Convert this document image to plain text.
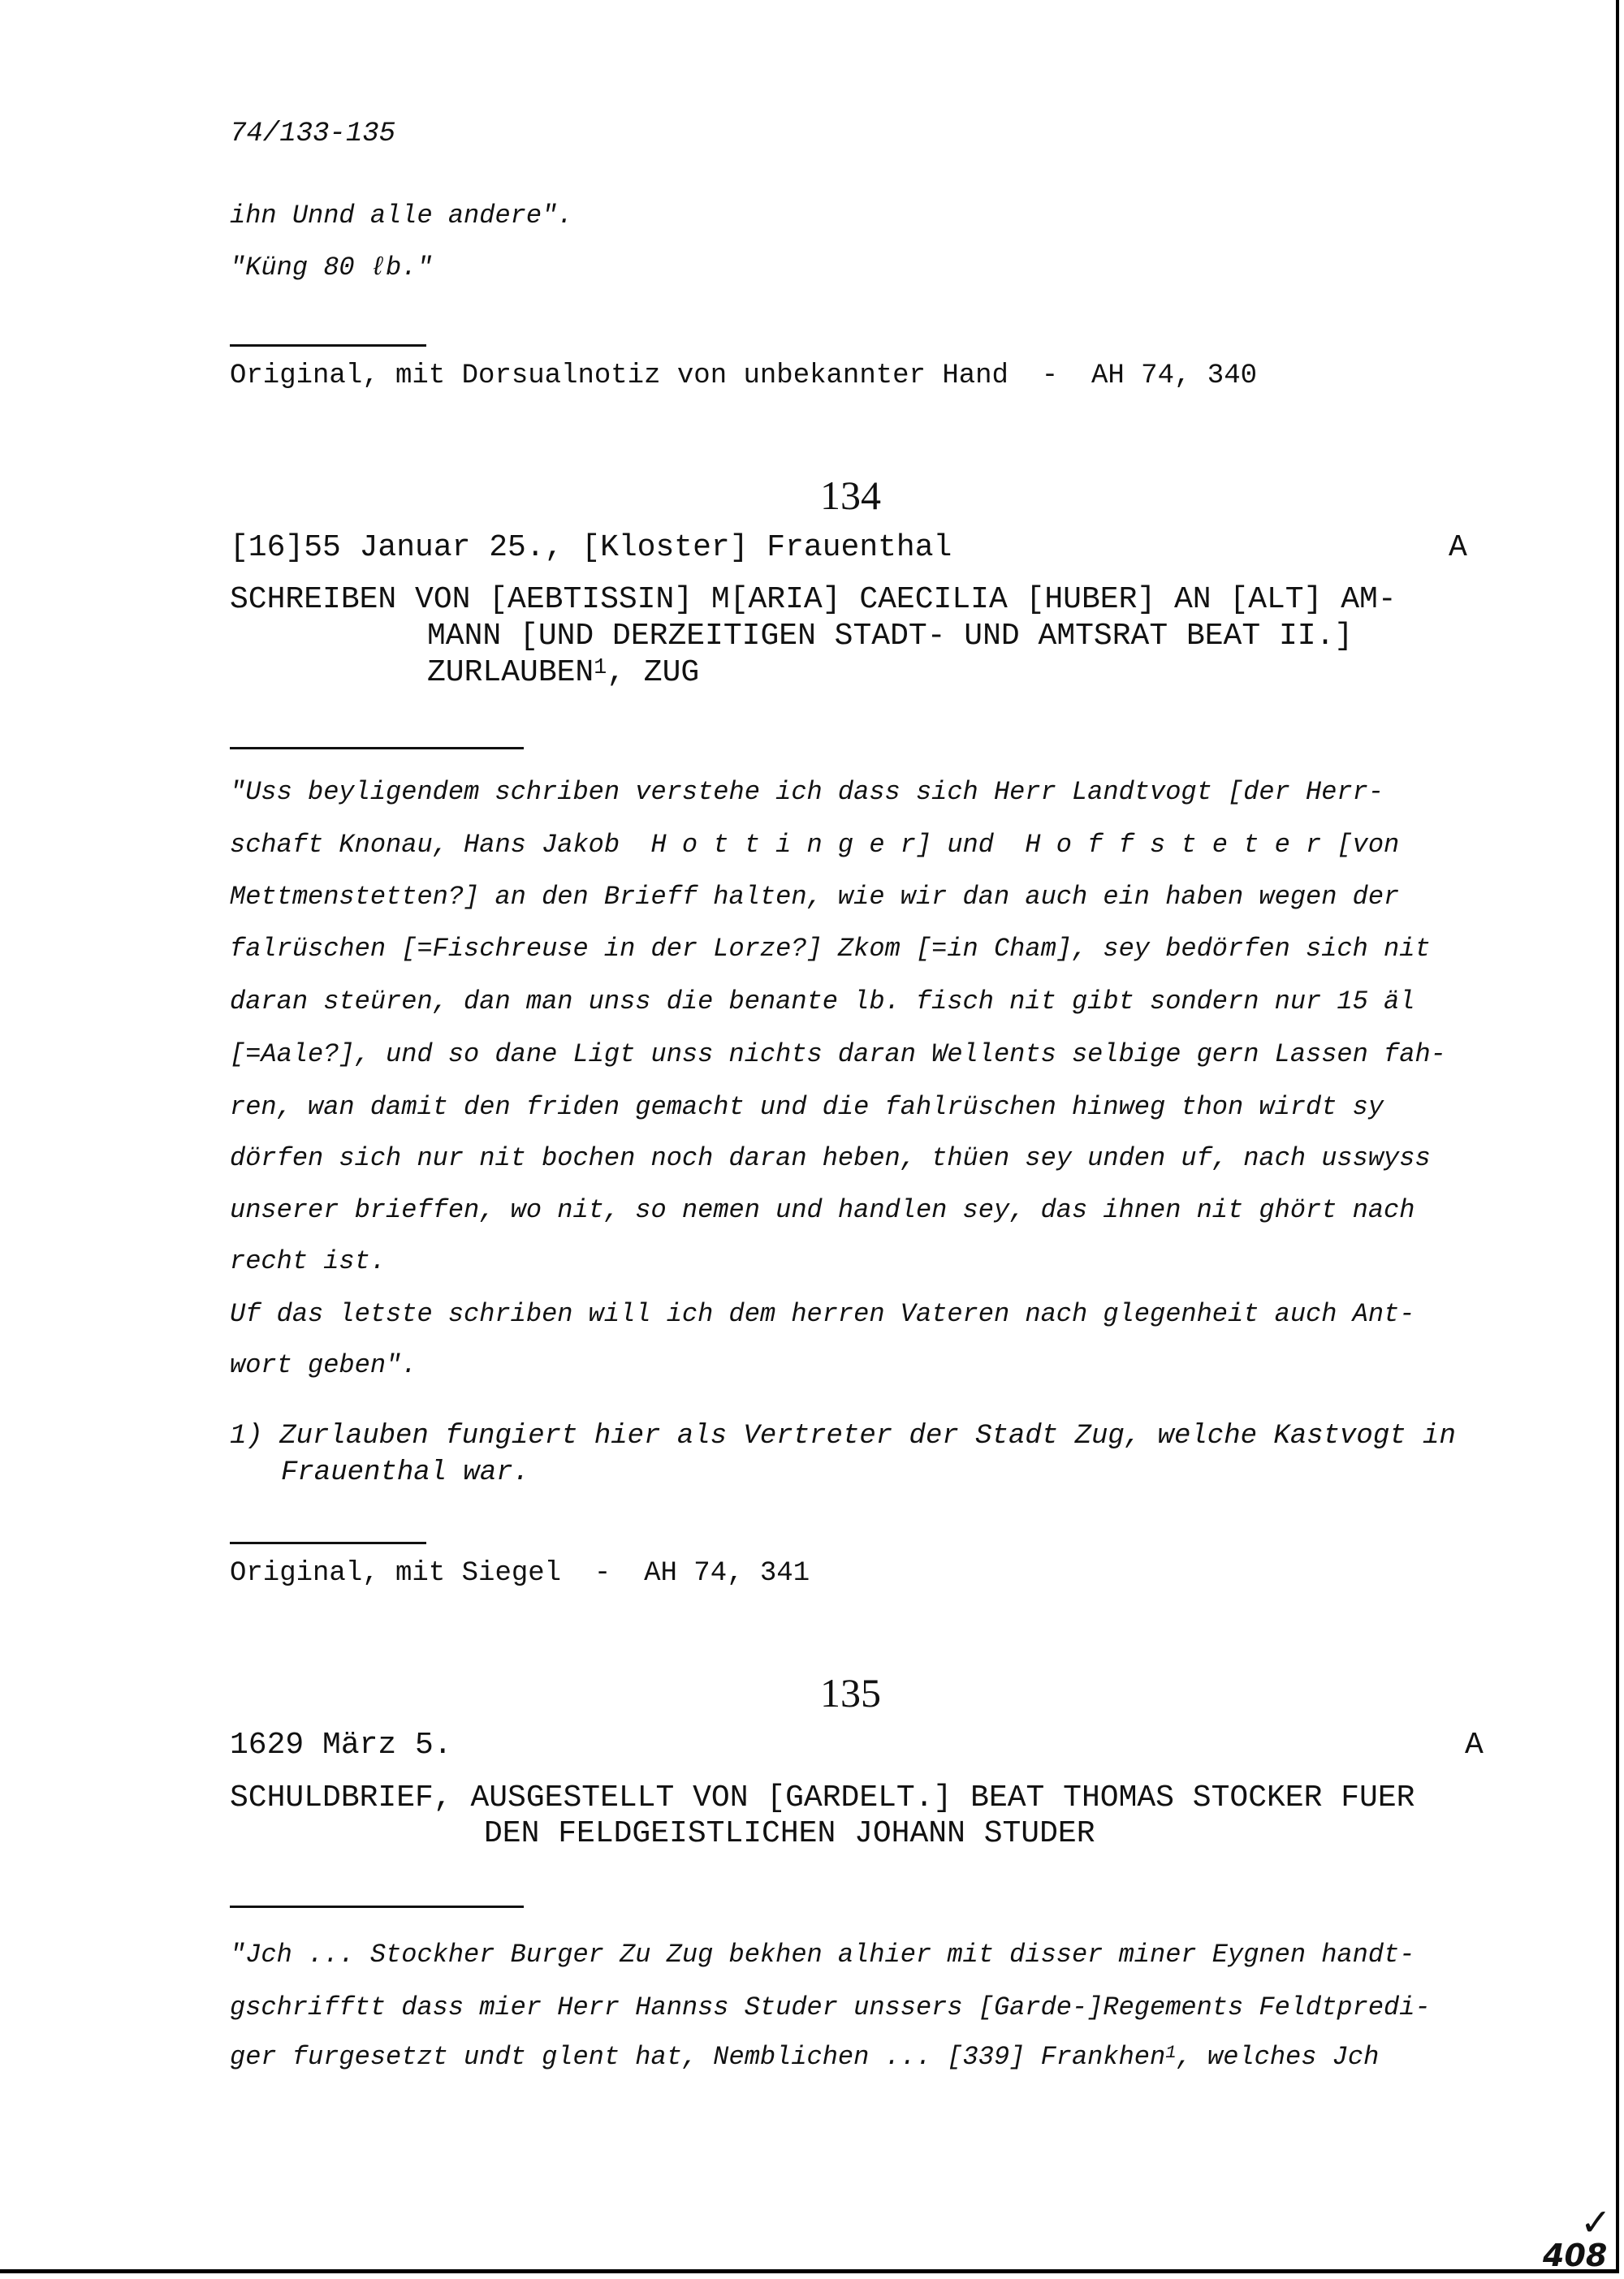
74/133-135
ihn Unnd alle andere".
"Küng 80 ℓb."
Original, mit Dorsualnotiz von unbekannter Hand  -  AH 74, 340
134
[16]55 Januar 25., [Kloster] Frauenthal	A
SCHREIBEN VON [AEBTISSIN] M[ARIA] CAECILIA [HUBER] AN [ALT] AM-
MANN [UND DERZEITIGEN STADT- UND AMTSRAT BEAT II.]
ZURLAUBEN$^1$, ZUG
"Uss beyligendem schriben verstehe ich dass sich Herr Landtvogt [der Herr-
schaft Knonau, Hans Jakob  H o t t i n g e r] und  H o f f s t e t e r [von
Mettmenstetten?] an den Brieff halten, wie wir dan auch ein haben wegen der
falrüschen [=Fischreuse in der Lorze?] Zkom [=in Cham], sey bedörfen sich nit
daran steüren, dan man unss die benante lb. fisch nit gibt sondern nur 15 äl
[=Aale?], und so dane Ligt unss nichts daran Wellents selbige gern Lassen fah-
ren, wan damit den friden gemacht und die fahlrüschen hinweg thon wirdt sy
dörfen sich nur nit bochen noch daran heben, thüen sey unden uf, nach usswyss
unserer brieffen, wo nit, so nemen und handlen sey, das ihnen nit ghört nach
recht ist.
Uf das letste schriben will ich dem herren Vateren nach glegenheit auch Ant-
wort geben".
1) Zurlauben fungiert hier als Vertreter der Stadt Zug, welche Kastvogt in
Frauenthal war.
Original, mit Siegel  -  AH 74, 341
135
1629 März 5.	A
SCHULDBRIEF, AUSGESTELLT VON [GARDELT.] BEAT THOMAS STOCKER FUER
DEN FELDGEISTLICHEN JOHANN STUDER
"Jch ... Stockher Burger Zu Zug bekhen alhier mit disser miner Eygnen handt-
gschrifftt dass mier Herr Hannss Studer unssers [Garde-]Regements Feldtpredi-
ger furgesetzt undt glent hat, Nemblichen ... [339] Frankhen$^1$, welches Jch
✓
408
